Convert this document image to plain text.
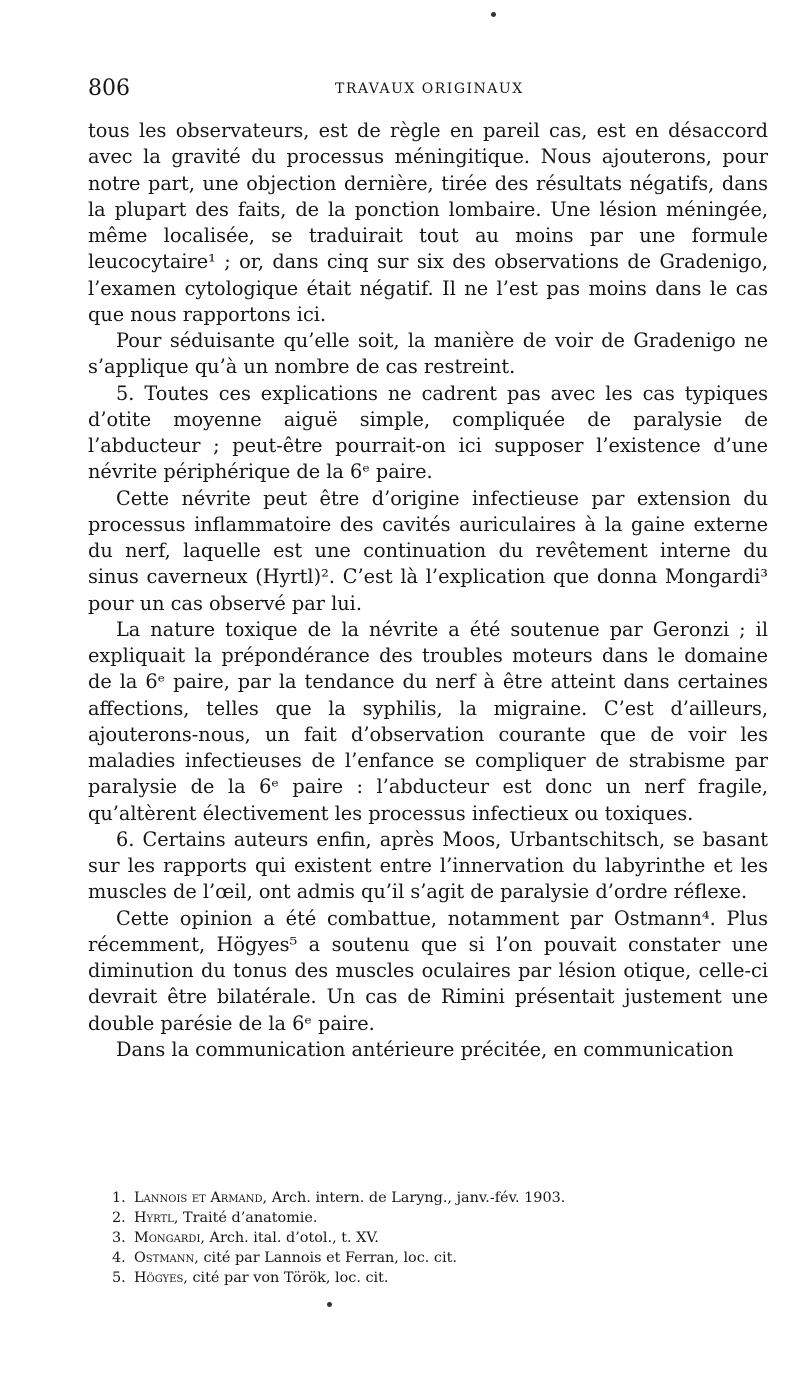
806	TRAVAUX ORIGINAUX

tous les observateurs, est de règle en pareil cas, est en désaccord avec la gravité du processus méningitique. Nous ajouterons, pour notre part, une objection dernière, tirée des résultats négatifs, dans la plupart des faits, de la ponction lombaire. Une lésion méningée, même localisée, se traduirait tout au moins par une formule leucocytaire¹ ; or, dans cinq sur six des observations de Gradenigo, l’examen cytologique était négatif. Il ne l’est pas moins dans le cas que nous rapportons ici.

Pour séduisante qu’elle soit, la manière de voir de Gradenigo ne s’applique qu’à un nombre de cas restreint.

5. Toutes ces explications ne cadrent pas avec les cas typiques d’otite moyenne aiguë simple, compliquée de paralysie de l’abducteur ; peut-être pourrait-on ici supposer l’existence d’une névrite périphérique de la 6ᵉ paire.

Cette névrite peut être d’origine infectieuse par extension du processus inflammatoire des cavités auriculaires à la gaine externe du nerf, laquelle est une continuation du revêtement interne du sinus caverneux (Hyrtl)². C’est là l’explication que donna Mongardi³ pour un cas observé par lui.

La nature toxique de la névrite a été soutenue par Geronzi ; il expliquait la prépondérance des troubles moteurs dans le domaine de la 6ᵉ paire, par la tendance du nerf à être atteint dans certaines affections, telles que la syphilis, la migraine. C’est d’ailleurs, ajouterons-nous, un fait d’observation courante que de voir les maladies infectieuses de l’enfance se compliquer de strabisme par paralysie de la 6ᵉ paire : l’abducteur est donc un nerf fragile, qu’altèrent électivement les processus infectieux ou toxiques.

6. Certains auteurs enfin, après Moos, Urbantschitsch, se basant sur les rapports qui existent entre l’innervation du labyrinthe et les muscles de l’œil, ont admis qu’il s’agit de paralysie d’ordre réflexe.

Cette opinion a été combattue, notamment par Ostmann⁴. Plus récemment, Högyes⁵ a soutenu que si l’on pouvait constater une diminution du tonus des muscles oculaires par lésion otique, celle-ci devrait être bilatérale. Un cas de Rimini présentait justement une double parésie de la 6ᵉ paire.

Dans la communication antérieure précitée, en communication

1. Lannois et Armand, Arch. intern. de Laryng., janv.-fév. 1903.
2. Hyrtl, Traité d’anatomie.
3. Mongardi, Arch. ital. d’otol., t. XV.
4. Ostmann, cité par Lannois et Ferran, loc. cit.
5. Högyes, cité par von Török, loc. cit.
